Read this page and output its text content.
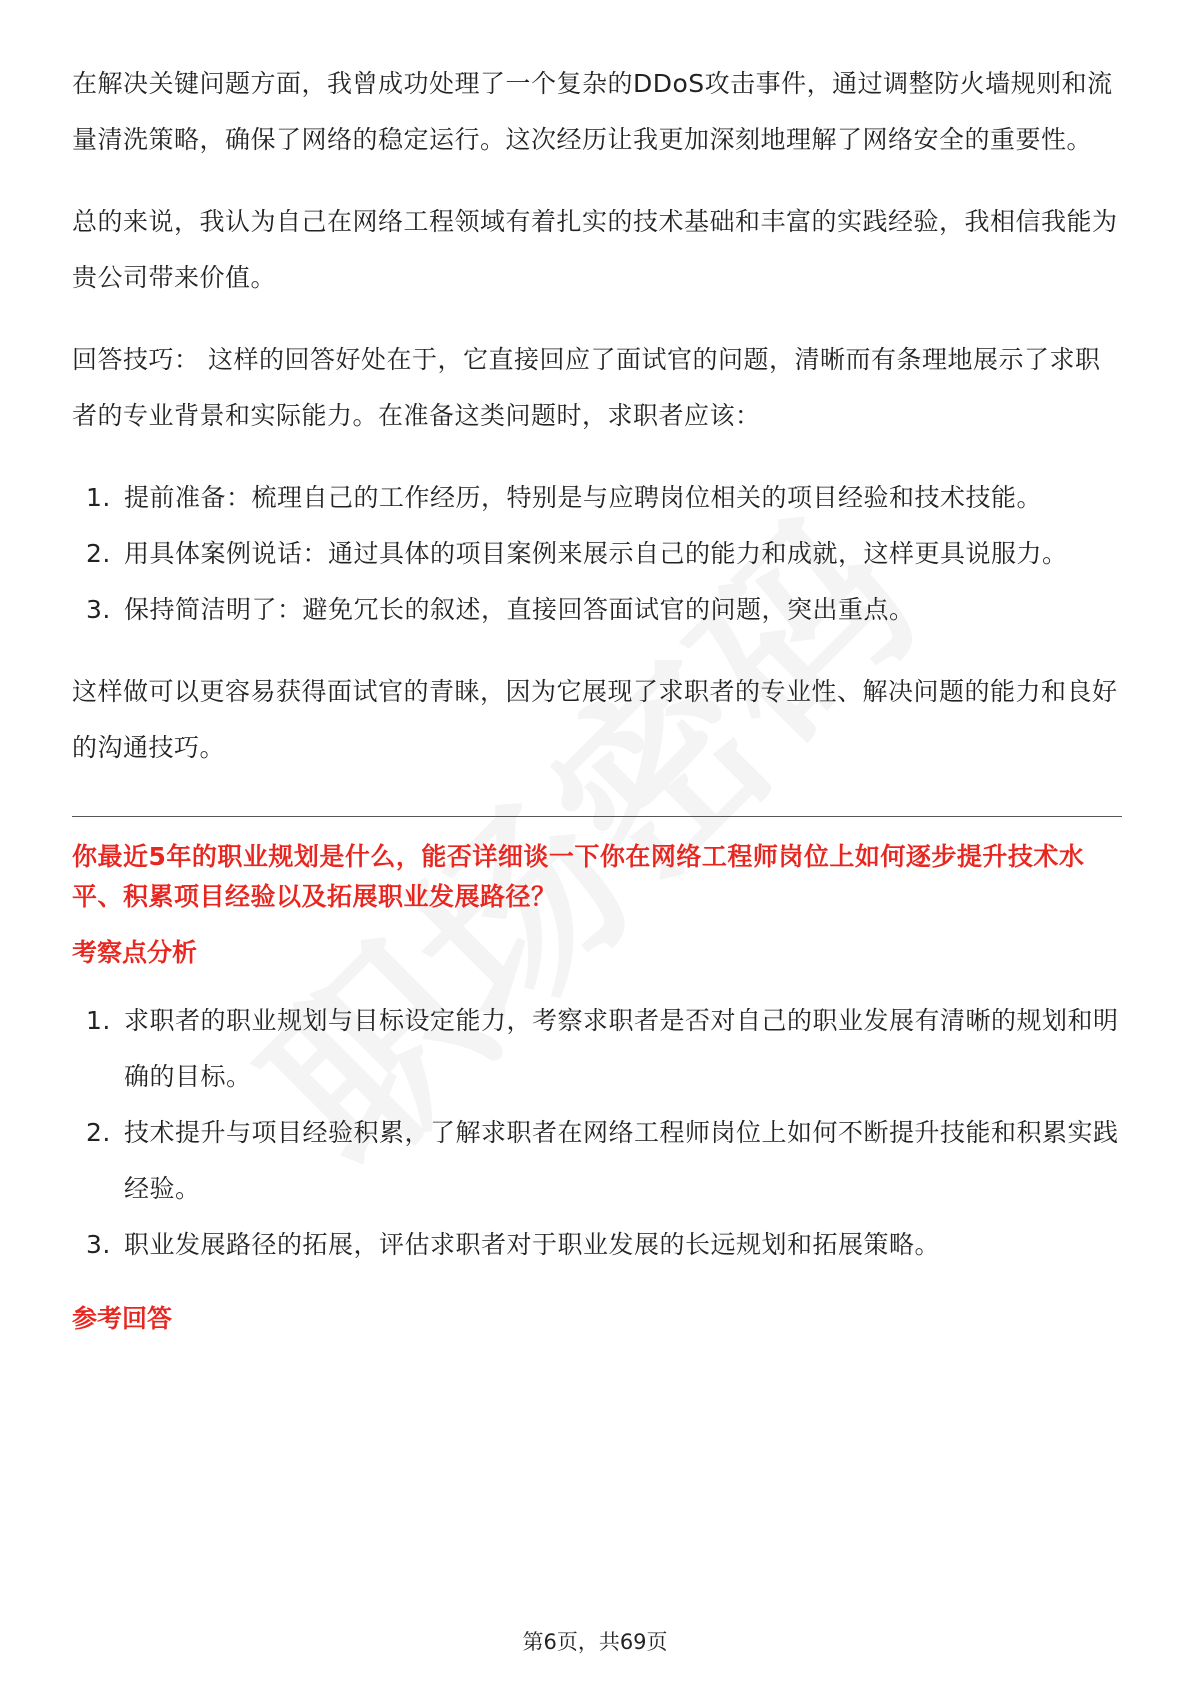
在解决关键问题方面，我曾成功处理了一个复杂的DDoS攻击事件，通过调整防火墙规则和流量清洗策略，确保了网络的稳定运行。这次经历让我更加深刻地理解了网络安全的重要性。

总的来说，我认为自己在网络工程领域有着扎实的技术基础和丰富的实践经验，我相信我能为贵公司带来价值。

回答技巧： 这样的回答好处在于，它直接回应了面试官的问题，清晰而有条理地展示了求职者的专业背景和实际能力。在准备这类问题时，求职者应该：

1. 提前准备：梳理自己的工作经历，特别是与应聘岗位相关的项目经验和技术技能。
2. 用具体案例说话：通过具体的项目案例来展示自己的能力和成就，这样更具说服力。
3. 保持简洁明了：避免冗长的叙述，直接回答面试官的问题，突出重点。

这样做可以更容易获得面试官的青睐，因为它展现了求职者的专业性、解决问题的能力和良好的沟通技巧。

你最近5年的职业规划是什么，能否详细谈一下你在网络工程师岗位上如何逐步提升技术水平、积累项目经验以及拓展职业发展路径？
考察点分析
1. 求职者的职业规划与目标设定能力，考察求职者是否对自己的职业发展有清晰的规划和明确的目标。
2. 技术提升与项目经验积累，了解求职者在网络工程师岗位上如何不断提升技能和积累实践经验。
3. 职业发展路径的拓展，评估求职者对于职业发展的长远规划和拓展策略。
参考回答
第6页，共69页
